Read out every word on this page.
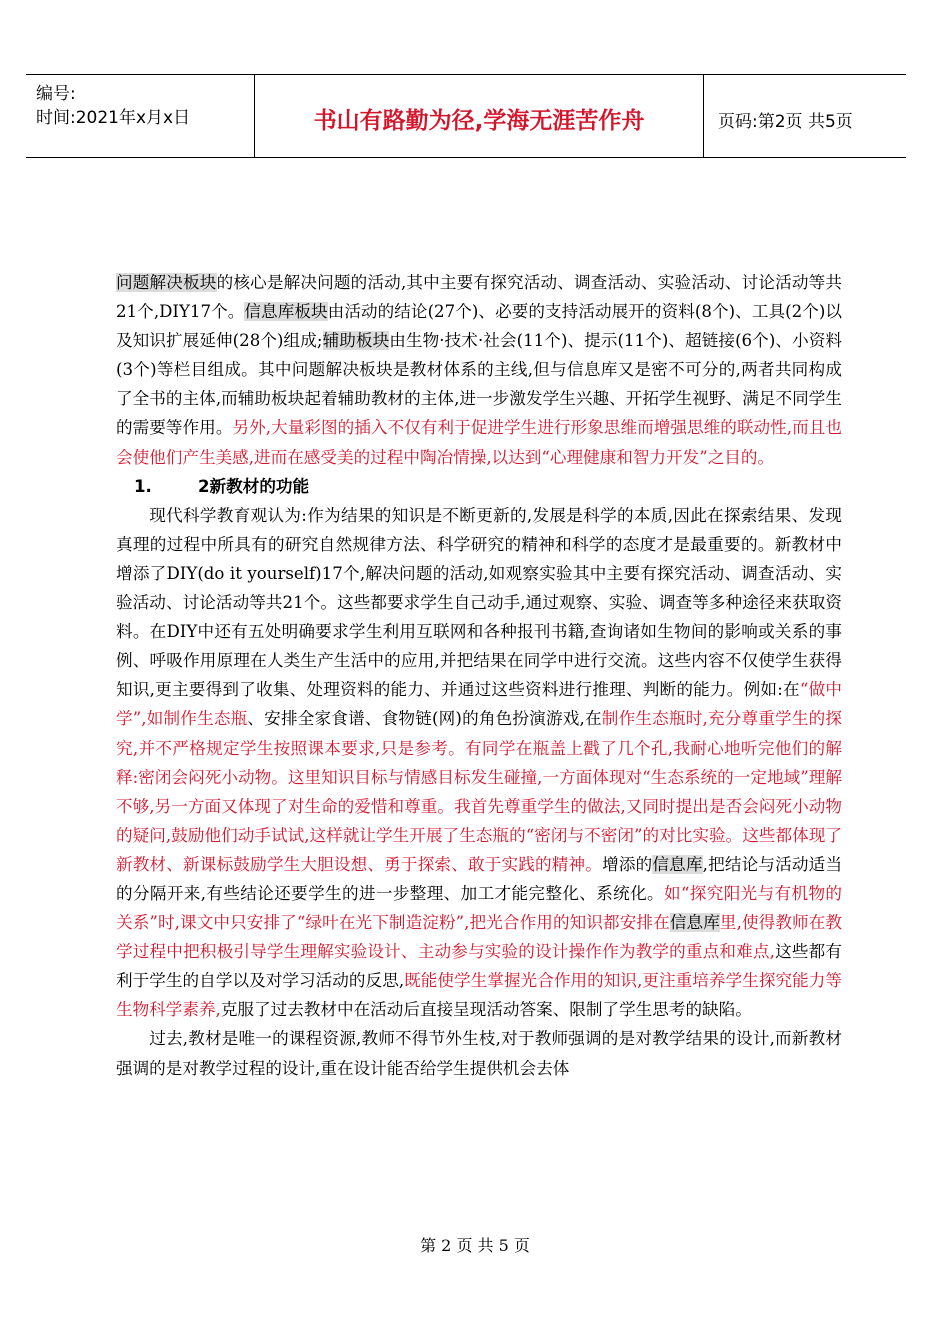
编号:
时间:2021年x月x日	书山有路勤为径,学海无涯苦作舟	页码:第2页 共5页

问题解决板块的核心是解决问题的活动,其中主要有探究活动、调查活动、实验活动、讨论活动等共21个,DIY17个。信息库板块由活动的结论(27个)、必要的支持活动展开的资料(8个)、工具(2个)以及知识扩展延伸(28个)组成;辅助板块由生物·技术·社会(11个)、提示(11个)、超链接(6个)、小资料(3个)等栏目组成。其中问题解决板块是教材体系的主线,但与信息库又是密不可分的,两者共同构成了全书的主体,而辅助板块起着辅助教材的主体,进一步激发学生兴趣、开拓学生视野、满足不同学生的需要等作用。另外,大量彩图的插入不仅有利于促进学生进行形象思维而增强思维的联动性,而且也会使他们产生美感,进而在感受美的过程中陶冶情操,以达到“心理健康和智力开发”之目的。

1.	2新教材的功能

现代科学教育观认为:作为结果的知识是不断更新的,发展是科学的本质,因此在探索结果、发现真理的过程中所具有的研究自然规律方法、科学研究的精神和科学的态度才是最重要的。新教材中增添了DIY(do it yourself)17个,解决问题的活动,如观察实验其中主要有探究活动、调查活动、实验活动、讨论活动等共21个。这些都要求学生自己动手,通过观察、实验、调查等多种途径来获取资料。在DIY中还有五处明确要求学生利用互联网和各种报刊书籍,查询诸如生物间的影响或关系的事例、呼吸作用原理在人类生产生活中的应用,并把结果在同学中进行交流。这些内容不仅使学生获得知识,更主要得到了收集、处理资料的能力、并通过这些资料进行推理、判断的能力。例如:在“做中学”,如制作生态瓶、安排全家食谱、食物链(网)的角色扮演游戏,在制作生态瓶时,充分尊重学生的探究,并不严格规定学生按照课本要求,只是参考。有同学在瓶盖上戳了几个孔,我耐心地听完他们的解释:密闭会闷死小动物。这里知识目标与情感目标发生碰撞,一方面体现对“生态系统的一定地域”理解不够,另一方面又体现了对生命的爱惜和尊重。我首先尊重学生的做法,又同时提出是否会闷死小动物的疑问,鼓励他们动手试试,这样就让学生开展了生态瓶的“密闭与不密闭”的对比实验。这些都体现了新教材、新课标鼓励学生大胆设想、勇于探索、敢于实践的精神。增添的信息库,把结论与活动适当的分隔开来,有些结论还要学生的进一步整理、加工才能完整化、系统化。如“探究阳光与有机物的关系”时,课文中只安排了“绿叶在光下制造淀粉”,把光合作用的知识都安排在信息库里,使得教师在教学过程中把积极引导学生理解实验设计、主动参与实验的设计操作作为教学的重点和难点,这些都有利于学生的自学以及对学习活动的反思,既能使学生掌握光合作用的知识,更注重培养学生探究能力等生物科学素养,克服了过去教材中在活动后直接呈现活动答案、限制了学生思考的缺陷。

过去,教材是唯一的课程资源,教师不得节外生枝,对于教师强调的是对教学结果的设计,而新教材强调的是对教学过程的设计,重在设计能否给学生提供机会去体

第 2 页 共 5 页
